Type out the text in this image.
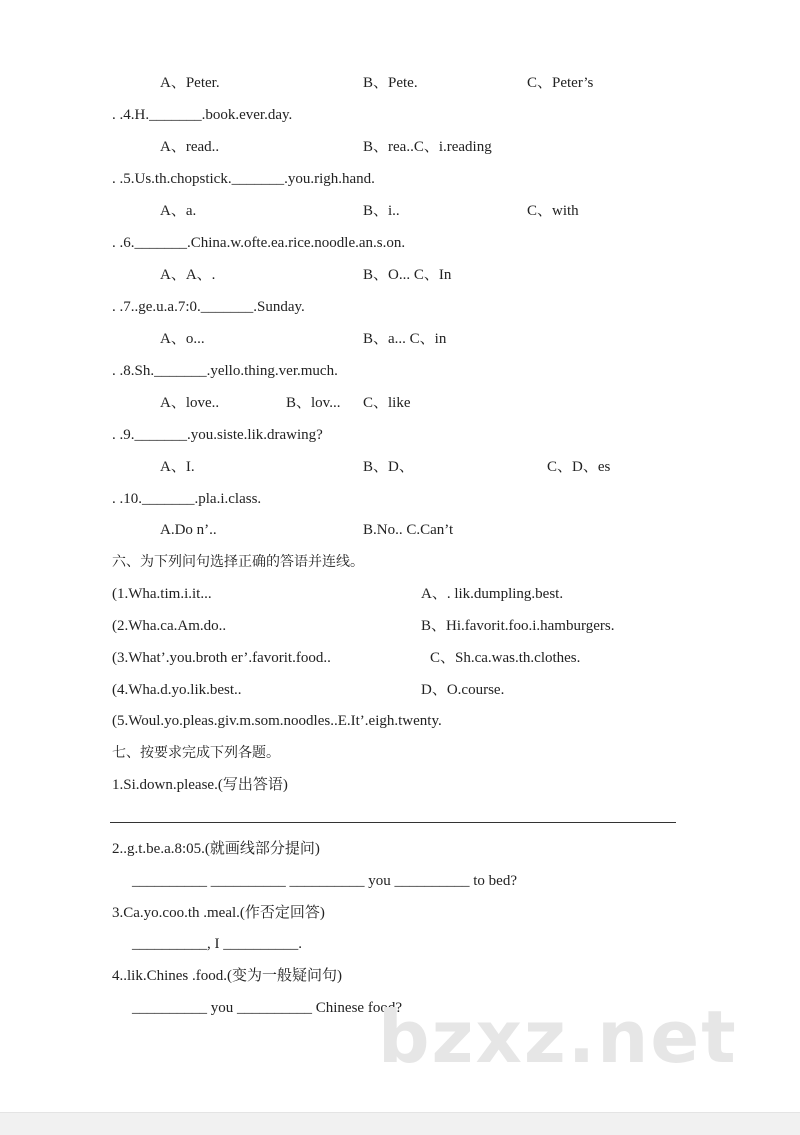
A、Peter.	B、Pete.	C、Peter’s
. .4.H._______.book.ever.day.
A、read..	B、rea..C、i.reading
. .5.Us.th.chopstick._______.you.righ.hand.
A、a.	B、i..	C、with
. .6._______.China.w.ofte.ea.rice.noodle.an.s.on.
A、A、.	B、O... C、In
. .7..ge.u.a.7:0._______.Sunday.
A、o...	B、a... C、in
. .8.Sh._______.yello.thing.ver.much.
A、love..	B、lov... C、like
. .9._______.you.siste.lik.drawing?
A、I.	B、D、	C、D、es
. .10._______.pla.i.class.
A.Do n’..	B.No.. C.Can’t
六、为下列问句选择正确的答语并连线。
(1.Wha.tim.i.it...	A、. lik.dumpling.best.
(2.Wha.ca.Am.do..	B、Hi.favorit.foo.i.hamburgers.
(3.What’.you.broth er’.favorit.food..	C、Sh.ca.was.th.clothes.
(4.Wha.d.yo.lik.best..	D、O.course.
(5.Woul.yo.pleas.giv.m.som.noodles..E.It’.eigh.twenty.
七、按要求完成下列各题。
1.Si.down.please.(写出答语)
2..g.t.be.a.8:05.(就画线部分提问)
__________ __________ __________ you __________ to bed?
3.Ca.yo.coo.th .meal.(作否定回答)
__________, I __________.
4..lik.Chines .food.(变为一般疑问句)
__________ you __________ Chinese food?
bzxz.net
